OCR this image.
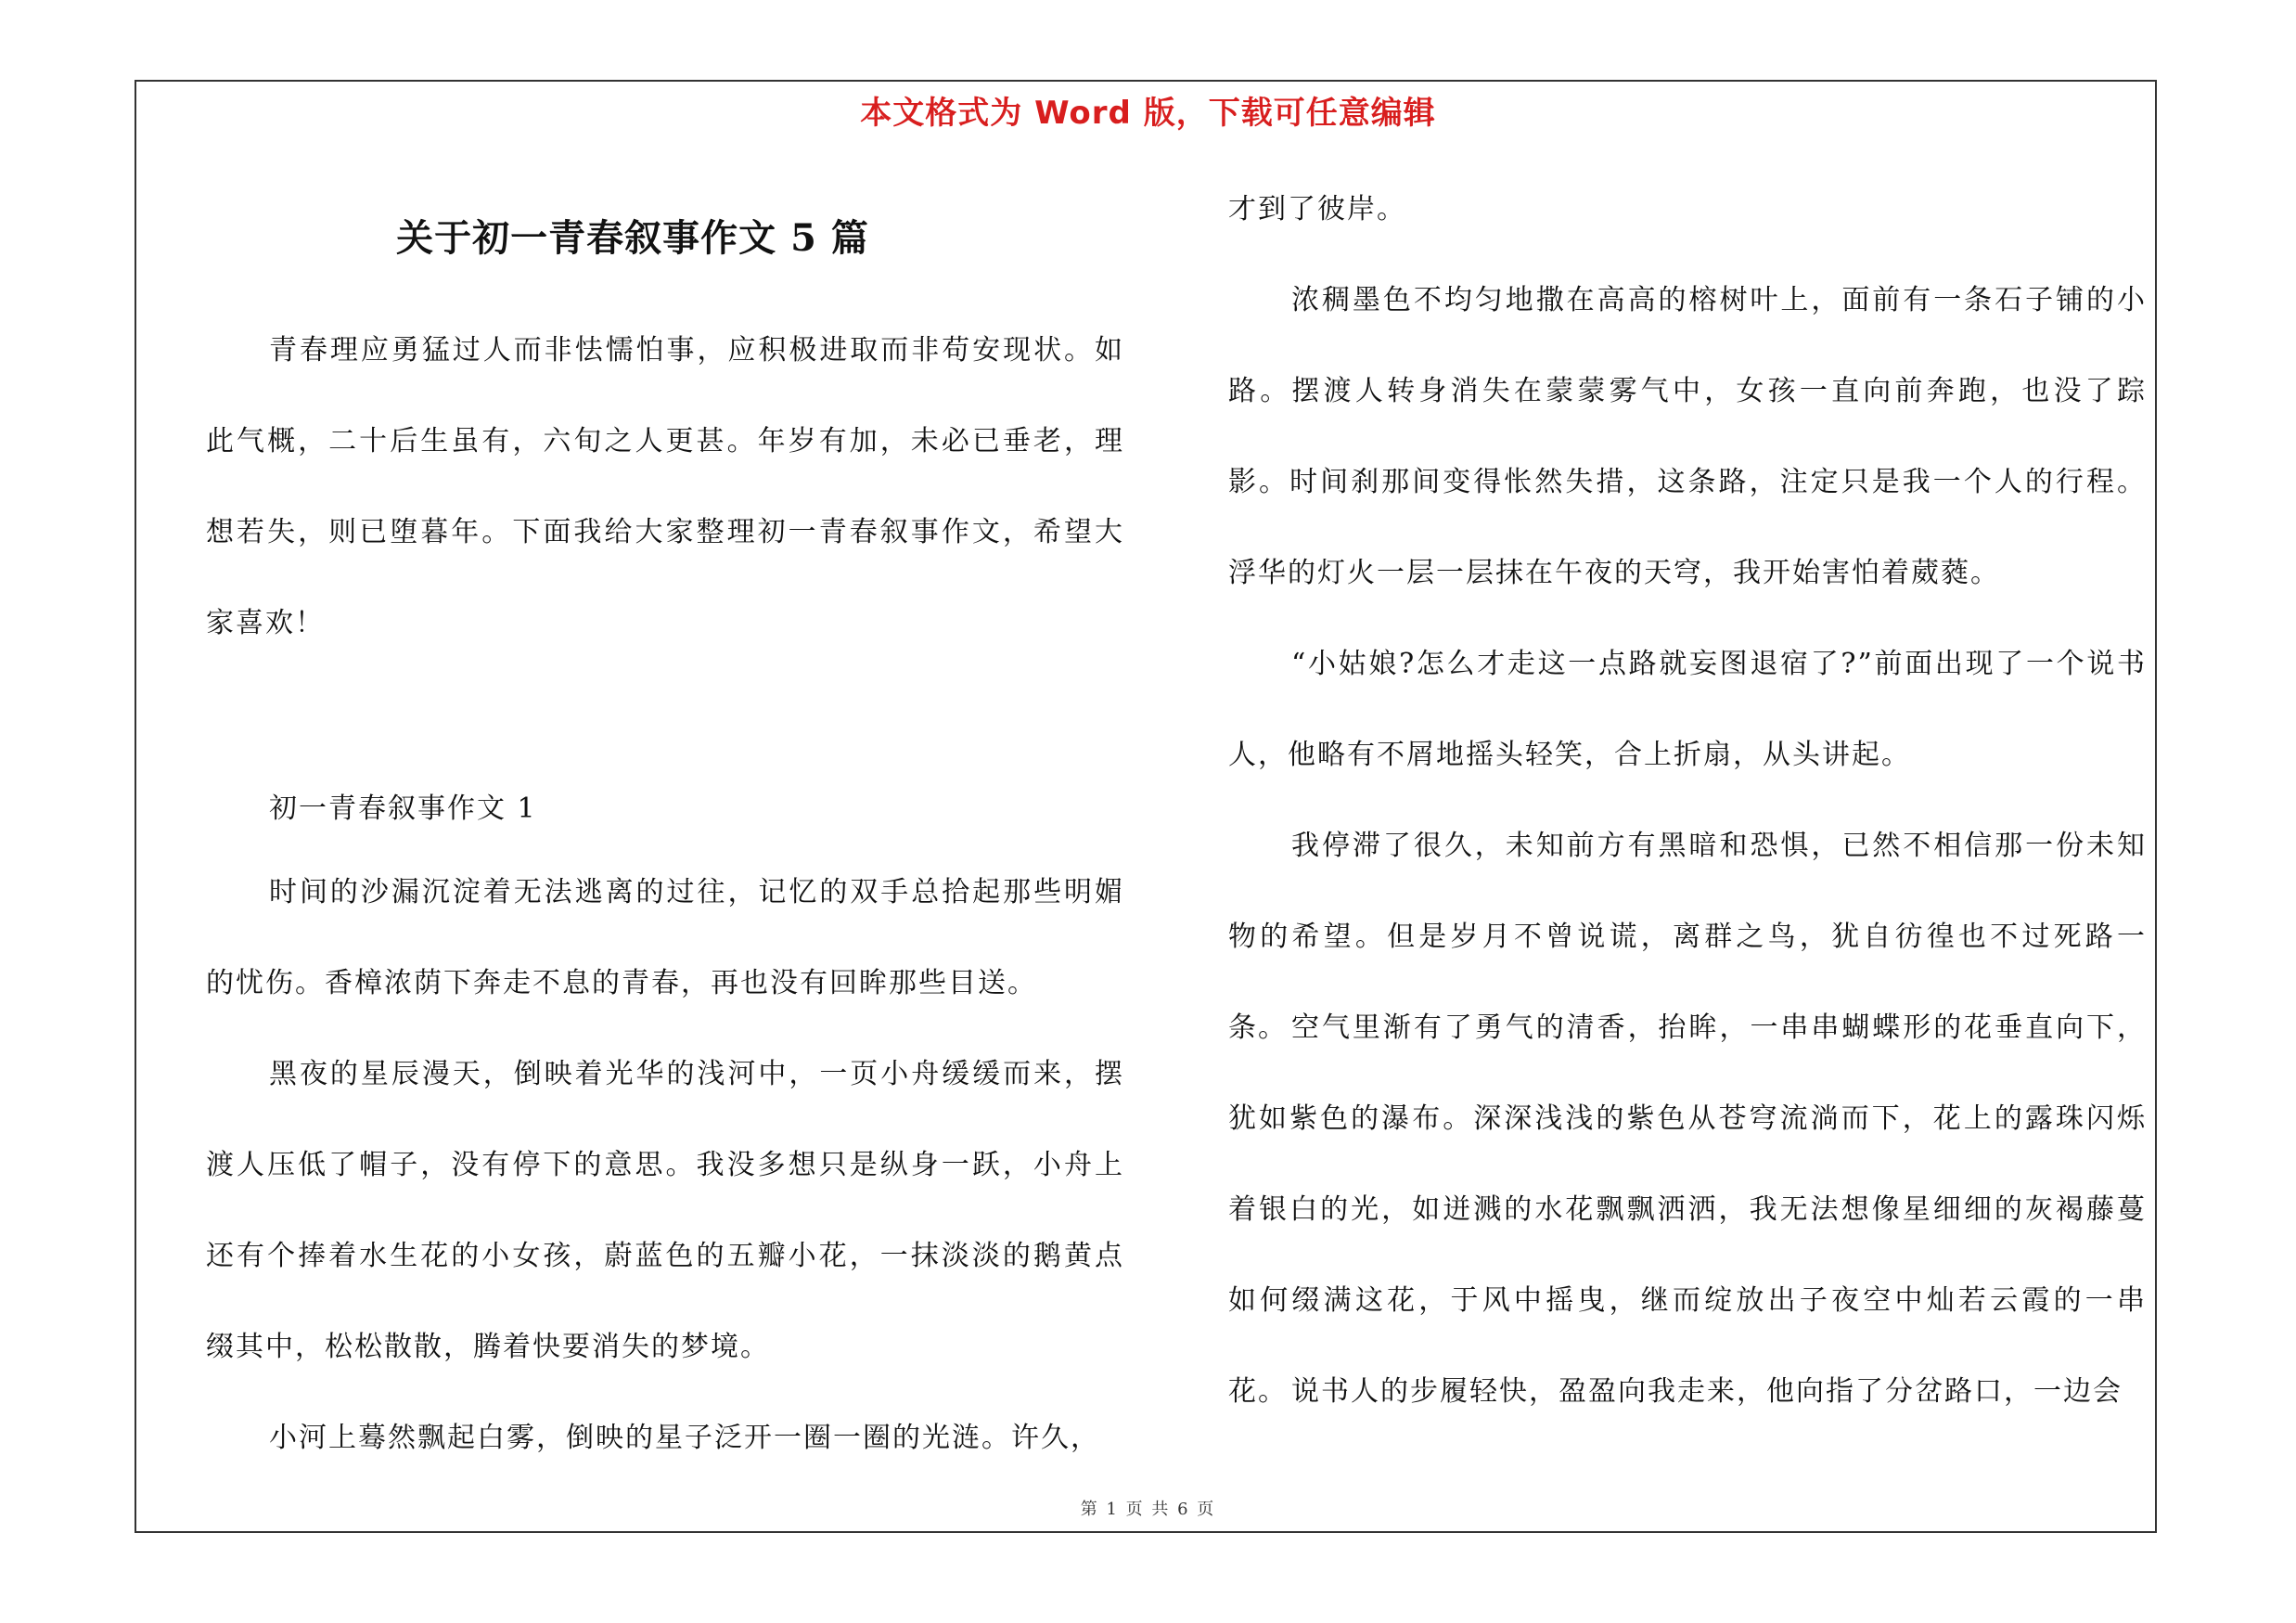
本文格式为 Word 版，下载可任意编辑
关于初一青春叙事作文 5 篇

青春理应勇猛过人而非怯懦怕事，应积极进取而非苟安现状。如此气概，二十后生虽有，六旬之人更甚。年岁有加，未必已垂老，理想若失，则已堕暮年。下面我给大家整理初一青春叙事作文，希望大家喜欢！

初一青春叙事作文 1

时间的沙漏沉淀着无法逃离的过往，记忆的双手总拾起那些明媚的忧伤。香樟浓荫下奔走不息的青春，再也没有回眸那些目送。

黑夜的星辰漫天，倒映着光华的浅河中，一页小舟缓缓而来，摆渡人压低了帽子，没有停下的意思。我没多想只是纵身一跃，小舟上还有个捧着水生花的小女孩，蔚蓝色的五瓣小花，一抹淡淡的鹅黄点缀其中，松松散散，腾着快要消失的梦境。

小河上蓦然飘起白雾，倒映的星子泛开一圈一圈的光涟。许久，

才到了彼岸。

浓稠墨色不均匀地撒在高高的榕树叶上，面前有一条石子铺的小路。摆渡人转身消失在蒙蒙雾气中，女孩一直向前奔跑，也没了踪影。时间刹那间变得怅然失措，这条路，注定只是我一个人的行程。浮华的灯火一层一层抹在午夜的天穹，我开始害怕着葳蕤。

“小姑娘?怎么才走这一点路就妄图退宿了?”前面出现了一个说书人，他略有不屑地摇头轻笑，合上折扇，从头讲起。

我停滞了很久，未知前方有黑暗和恐惧，已然不相信那一份未知物的希望。但是岁月不曾说谎，离群之鸟，犹自彷徨也不过死路一条。 空气里渐有了勇气的清香，抬眸，一串串蝴蝶形的花垂直向下，犹如紫色的瀑布。深深浅浅的紫色从苍穹流淌而下，花上的露珠闪烁着银白的光，如迸溅的水花飘飘洒洒，我无法想像星细细的灰褐藤蔓如何缀满这花，于风中摇曳，继而绽放出子夜空中灿若云霞的一串花。 说书人的步履轻快，盈盈向我走来，他向指了分岔路口，一边会

第 1 页 共 6 页
